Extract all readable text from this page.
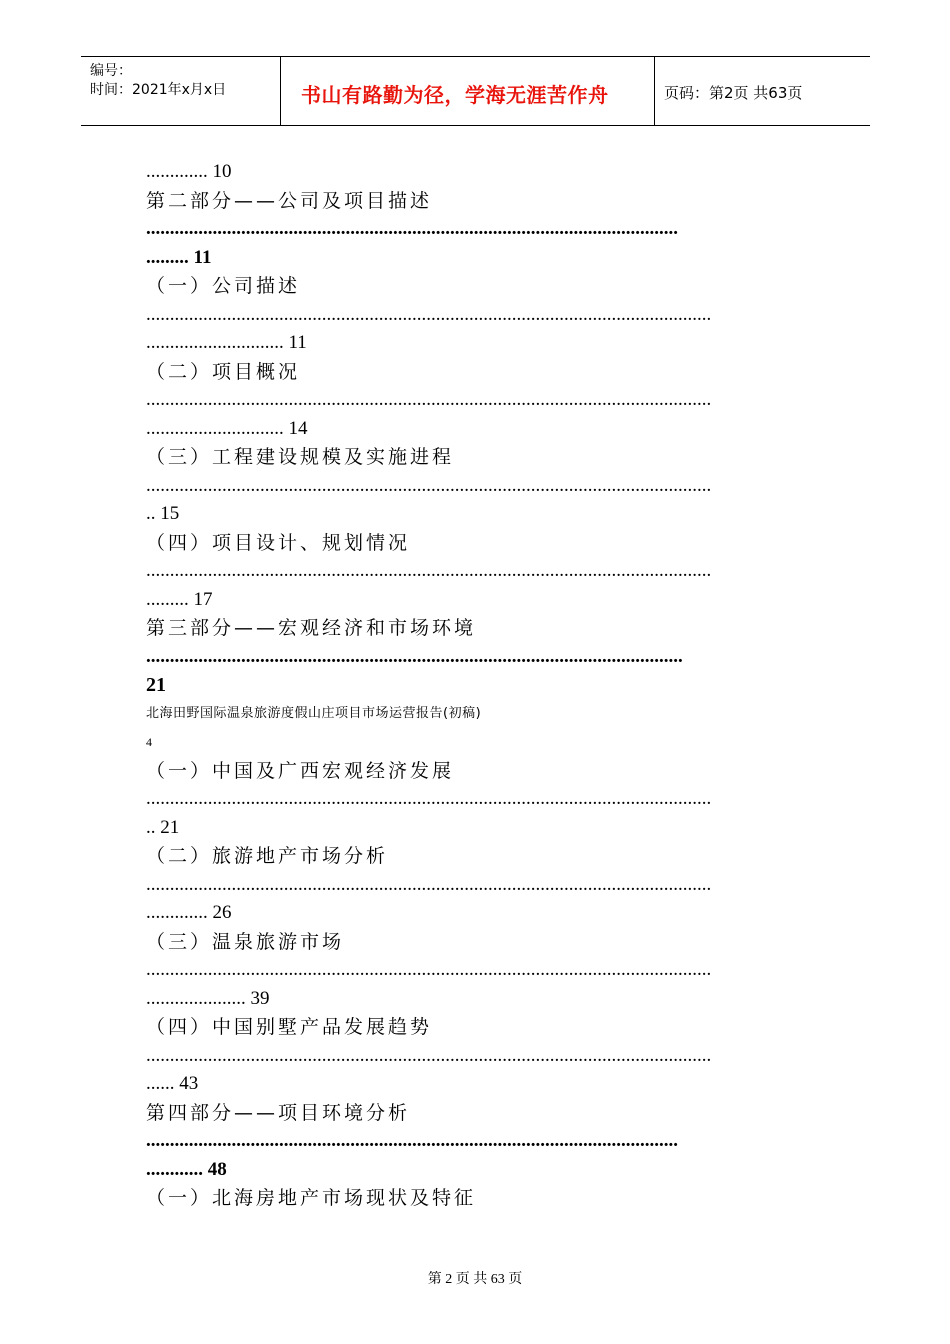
编号：
时间：2021年x月x日	书山有路勤为径，学海无涯苦作舟	页码：第2页 共63页
............. 10
第二部分——公司及项目描述
................................................................................................................
......... 11
（一）公司描述
.......................................................................................................................
............................. 11
（二）项目概况
.......................................................................................................................
............................. 14
（三）工程建设规模及实施进程
.......................................................................................................................
.. 15
（四）项目设计、规划情况
.......................................................................................................................
......... 17
第三部分——宏观经济和市场环境
.................................................................................................................
21
北海田野国际温泉旅游度假山庄项目市场运营报告(初稿)
4
（一）中国及广西宏观经济发展
.......................................................................................................................
.. 21
（二）旅游地产市场分析
.......................................................................................................................
............. 26
（三）温泉旅游市场
.......................................................................................................................
..................... 39
（四）中国别墅产品发展趋势
.......................................................................................................................
...... 43
第四部分——项目环境分析
................................................................................................................
............ 48
（一）北海房地产市场现状及特征
第 2 页 共 63 页
